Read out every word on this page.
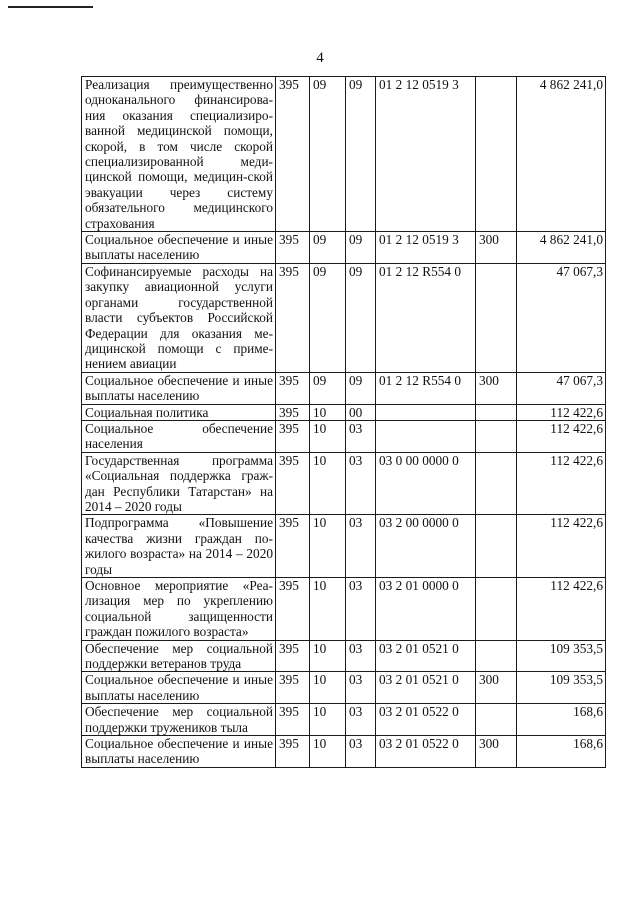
4
Реализация преимущественно одноканального финансирова-ния оказания специализиро-ванной медицинской помощи, скорой, в том числе скорой специализированной меди-цинской помощи, медицин-ской эвакуации через систему обязательного медицинского страхования	395	09	09	01 2 12 0519 3		4 862 241,0
Социальное обеспечение и иные выплаты населению	395	09	09	01 2 12 0519 3	300	4 862 241,0
Софинансируемые расходы на закупку авиационной услуги органами государственной власти субъектов Российской Федерации для оказания ме-дицинской помощи с приме-нением авиации	395	09	09	01 2 12 R554 0		47 067,3
Социальное обеспечение и иные выплаты населению	395	09	09	01 2 12 R554 0	300	47 067,3
Социальная политика	395	10	00			112 422,6
Социальное обеспечение населения	395	10	03			112 422,6
Государственная программа «Социальная поддержка граж-дан Республики Татарстан» на 2014 – 2020 годы	395	10	03	03 0 00 0000 0		112 422,6
Подпрограмма «Повышение качества жизни граждан по-жилого возраста» на 2014 – 2020 годы	395	10	03	03 2 00 0000 0		112 422,6
Основное мероприятие «Реа-лизация мер по укреплению социальной защищенности граждан пожилого возраста»	395	10	03	03 2 01 0000 0		112 422,6
Обеспечение мер социальной поддержки ветеранов труда	395	10	03	03 2 01 0521 0		109 353,5
Социальное обеспечение и иные выплаты населению	395	10	03	03 2 01 0521 0	300	109 353,5
Обеспечение мер социальной поддержки тружеников тыла	395	10	03	03 2 01 0522 0		168,6
Социальное обеспечение и иные выплаты населению	395	10	03	03 2 01 0522 0	300	168,6
